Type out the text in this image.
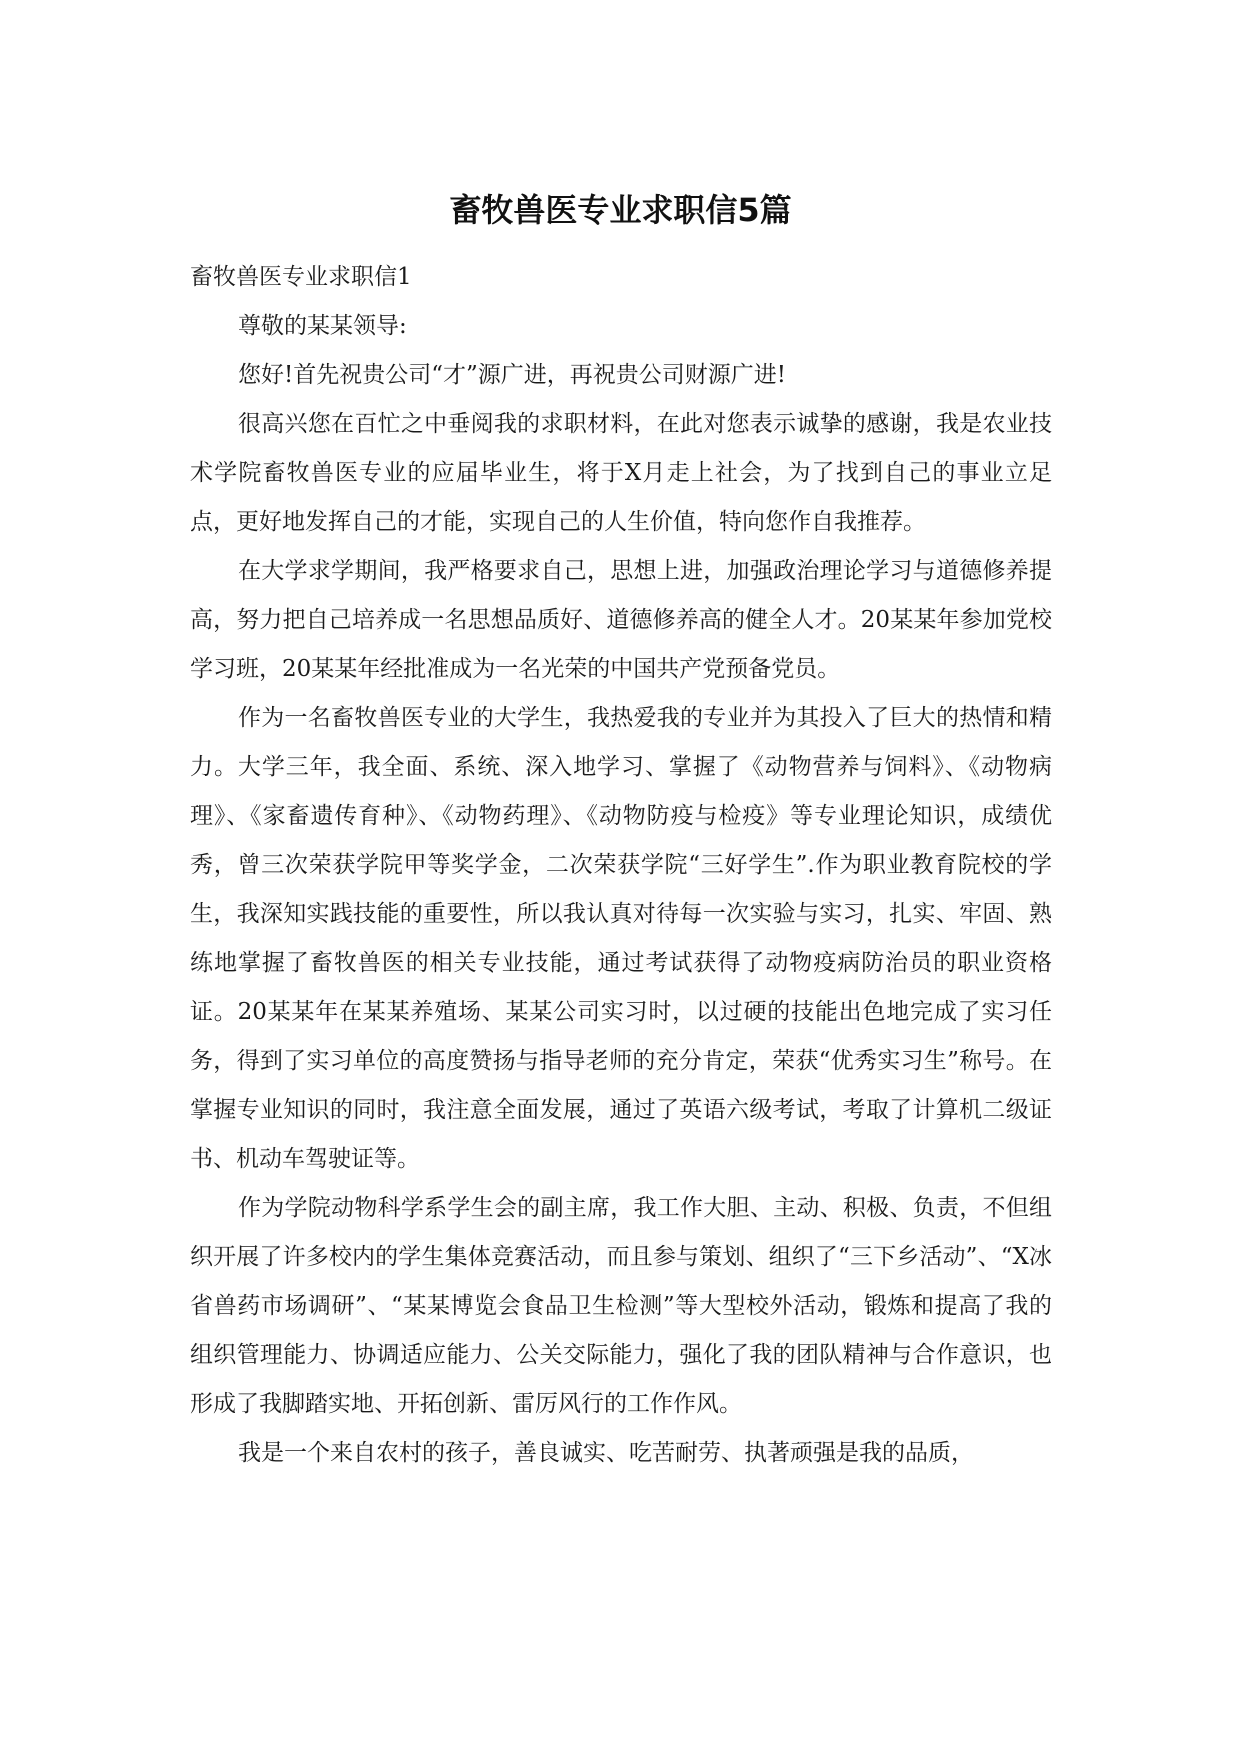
畜牧兽医专业求职信5篇

畜牧兽医专业求职信1

尊敬的某某领导:

您好!首先祝贵公司“才”源广进，再祝贵公司财源广进!

很高兴您在百忙之中垂阅我的求职材料，在此对您表示诚挚的感谢，我是农业技术学院畜牧兽医专业的应届毕业生，将于X月走上社会，为了找到自己的事业立足点，更好地发挥自己的才能，实现自己的人生价值，特向您作自我推荐。

在大学求学期间，我严格要求自己，思想上进，加强政治理论学习与道德修养提高，努力把自己培养成一名思想品质好、道德修养高的健全人才。20某某年参加党校学习班，20某某年经批准成为一名光荣的中国共产党预备党员。

作为一名畜牧兽医专业的大学生，我热爱我的专业并为其投入了巨大的热情和精力。大学三年，我全面、系统、深入地学习、掌握了《动物营养与饲料》、《动物病理》、《家畜遗传育种》、《动物药理》、《动物防疫与检疫》等专业理论知识，成绩优秀，曾三次荣获学院甲等奖学金，二次荣获学院“三好学生”.作为职业教育院校的学生，我深知实践技能的重要性，所以我认真对待每一次实验与实习，扎实、牢固、熟练地掌握了畜牧兽医的相关专业技能，通过考试获得了动物疫病防治员的职业资格证。20某某年在某某养殖场、某某公司实习时，以过硬的技能出色地完成了实习任务，得到了实习单位的高度赞扬与指导老师的充分肯定，荣获“优秀实习生”称号。在掌握专业知识的同时，我注意全面发展，通过了英语六级考试，考取了计算机二级证书、机动车驾驶证等。

作为学院动物科学系学生会的副主席，我工作大胆、主动、积极、负责，不但组织开展了许多校内的学生集体竞赛活动，而且参与策划、组织了“三下乡活动”、“X冰省兽药市场调研”、“某某博览会食品卫生检测”等大型校外活动，锻炼和提高了我的组织管理能力、协调适应能力、公关交际能力，强化了我的团队精神与合作意识，也形成了我脚踏实地、开拓创新、雷厉风行的工作作风。

我是一个来自农村的孩子，善良诚实、吃苦耐劳、执著顽强是我的品质，
